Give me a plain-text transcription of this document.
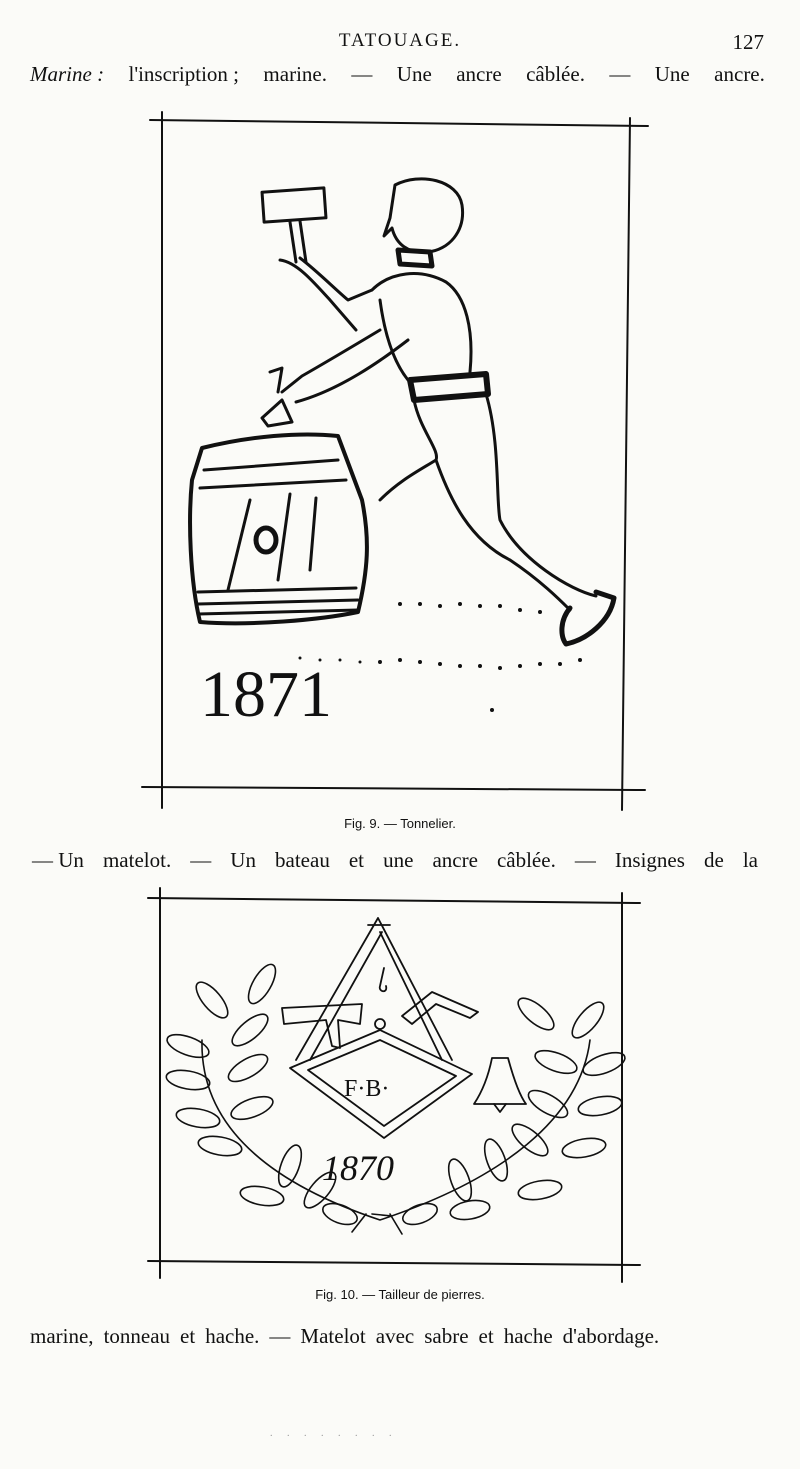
TATOUAGE.	127
Marine : l'inscription ; marine. — Une ancre câblée. — Une ancre.
1871
Fig. 9. — Tonnelier.
— Un matelot. — Un bateau et une ancre câblée. — Insignes de la
F·B·
1870
Fig. 10. — Tailleur de pierres.
marine, tonneau et hache. — Matelot avec sabre et hache d'abordage.
. . . . . . . .
